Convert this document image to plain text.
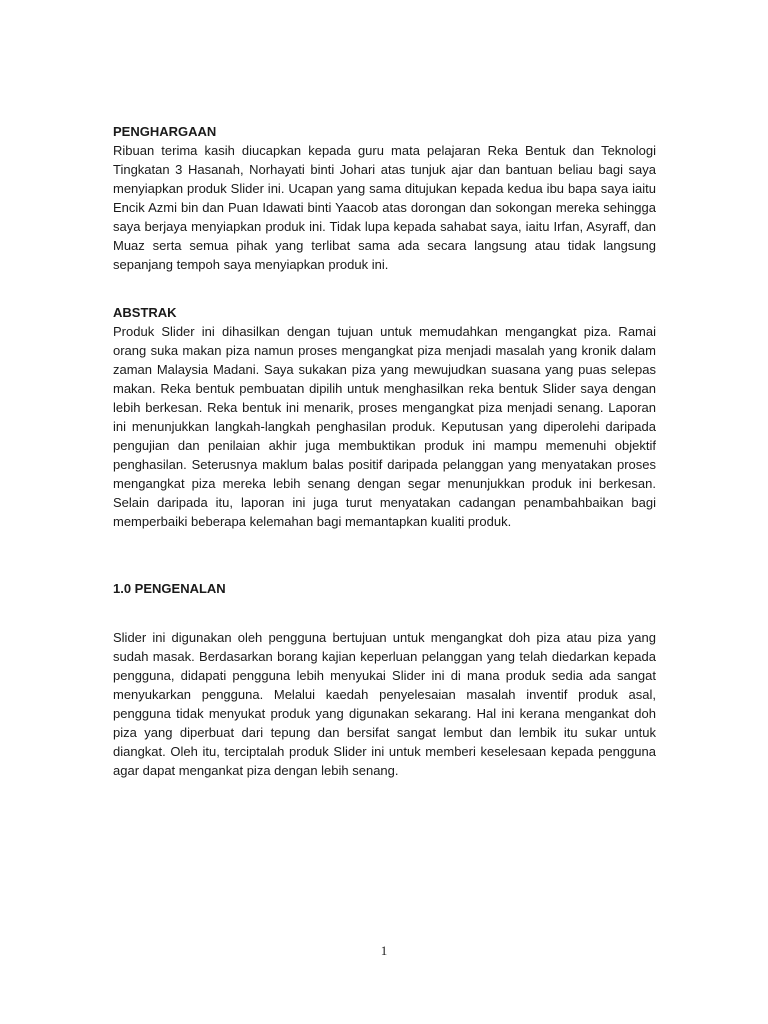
PENGHARGAAN

Ribuan terima kasih diucapkan kepada guru mata pelajaran Reka Bentuk dan Teknologi Tingkatan 3 Hasanah, Norhayati binti Johari atas tunjuk ajar dan bantuan beliau bagi saya menyiapkan produk Slider ini. Ucapan yang sama ditujukan kepada kedua ibu bapa saya iaitu Encik Azmi bin dan Puan Idawati binti Yaacob atas dorongan dan sokongan mereka sehingga saya berjaya menyiapkan produk ini. Tidak lupa kepada sahabat saya, iaitu Irfan, Asyraff, dan Muaz serta semua pihak yang terlibat sama ada secara langsung atau tidak langsung sepanjang tempoh saya menyiapkan produk ini.

ABSTRAK

Produk Slider ini dihasilkan dengan tujuan untuk memudahkan mengangkat piza. Ramai orang suka makan piza namun proses mengangkat piza menjadi masalah yang kronik dalam zaman Malaysia Madani. Saya sukakan piza yang mewujudkan suasana yang puas selepas makan. Reka bentuk pembuatan dipilih untuk menghasilkan reka bentuk Slider saya dengan lebih berkesan. Reka bentuk ini menarik, proses mengangkat piza menjadi senang. Laporan ini menunjukkan langkah-langkah penghasilan produk. Keputusan yang diperolehi daripada pengujian dan penilaian akhir juga membuktikan produk ini mampu memenuhi objektif penghasilan. Seterusnya maklum balas positif daripada pelanggan yang menyatakan proses mengangkat piza mereka lebih senang dengan segar menunjukkan produk ini berkesan. Selain daripada itu, laporan ini juga turut menyatakan cadangan penambahbaikan bagi memperbaiki beberapa kelemahan bagi memantapkan kualiti produk.

1.0 PENGENALAN

Slider ini digunakan oleh pengguna bertujuan untuk mengangkat doh piza atau piza yang sudah masak. Berdasarkan borang kajian keperluan pelanggan yang telah diedarkan kepada pengguna, didapati pengguna lebih menyukai Slider ini di mana produk sedia ada sangat menyukarkan pengguna. Melalui kaedah penyelesaian masalah inventif produk asal, pengguna tidak menyukat produk yang digunakan sekarang. Hal ini kerana mengankat doh piza yang diperbuat dari tepung dan bersifat sangat lembut dan lembik itu sukar untuk diangkat. Oleh itu, terciptalah produk Slider ini untuk memberi keselesaan kepada pengguna agar dapat mengankat piza dengan lebih senang.

1
